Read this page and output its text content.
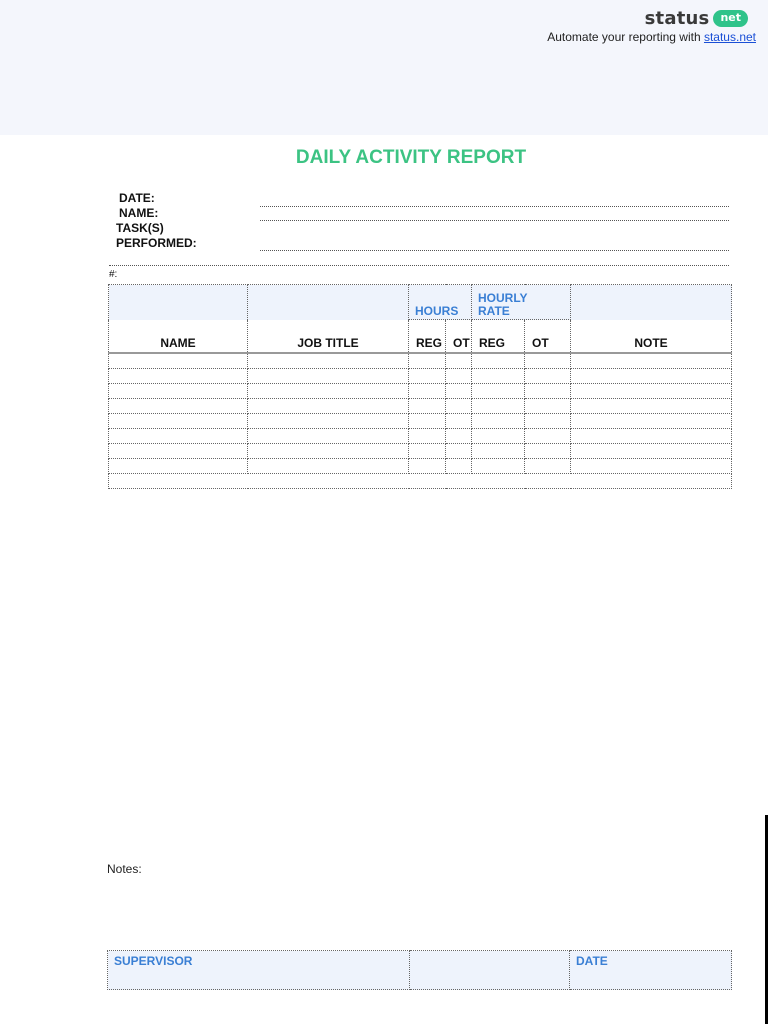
status	net
Automate your reporting with status.net
DAILY ACTIVITY REPORT
DATE:
NAME:
TASK(S)
PERFORMED:
#:
		HOURS		HOURLY
RATE		
NAME	JOB TITLE	REG	OT	REG	OT	NOTE

Notes:
SUPERVISOR		DATE
